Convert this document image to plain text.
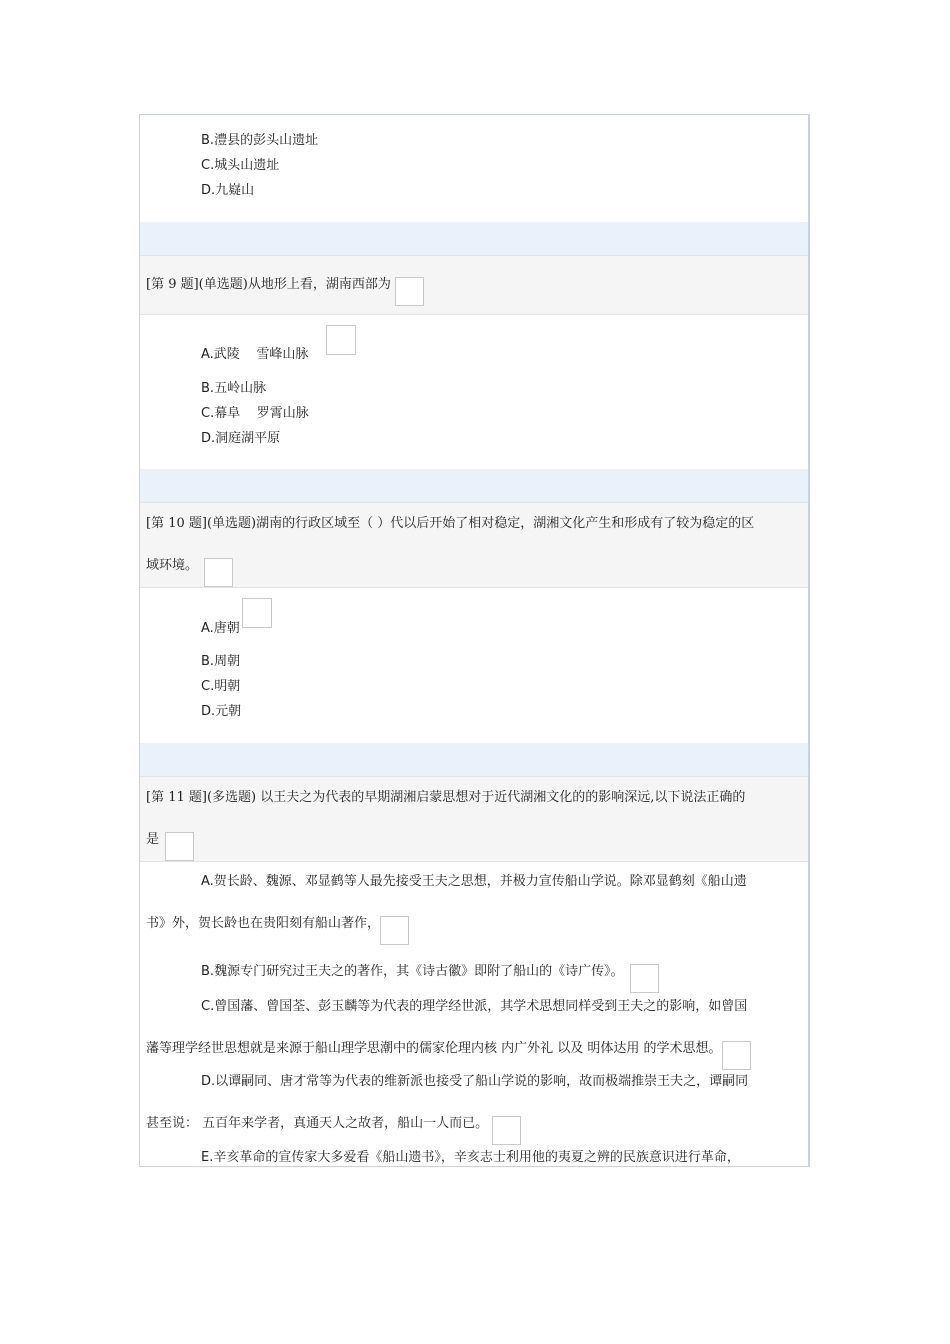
B.澧县的彭头山遗址
C.城头山遗址
D.九嶷山
[第 9 题](单选题)从地形上看，湖南西部为
A.武陵    雪峰山脉
B.五岭山脉
C.幕阜    罗霄山脉
D.洞庭湖平原
[第 10 题](单选题)湖南的行政区域至（ ）代以后开始了相对稳定，湖湘文化产生和形成有了较为稳定的区
域环境。
A.唐朝
B.周朝
C.明朝
D.元朝
[第 11 题](多选题) 以王夫之为代表的早期湖湘启蒙思想对于近代湖湘文化的的影响深远,以下说法正确的
是
A.贺长龄、魏源、邓显鹤等人最先接受王夫之思想，并极力宣传船山学说。除邓显鹤刻《船山遗
书》外，贺长龄也在贵阳刻有船山著作，
B.魏源专门研究过王夫之的著作，其《诗古徽》即附了船山的《诗广传》。
C.曾国藩、曾国荃、彭玉麟等为代表的理学经世派，其学术思想同样受到王夫之的影响，如曾国
藩等理学经世思想就是来源于船山理学思潮中的儒家伦理内核 内广外礼 以及 明体达用 的学术思想。
D.以谭嗣同、唐才常等为代表的维新派也接受了船山学说的影响，故而极端推崇王夫之，谭嗣同
甚至说： 五百年来学者，真通天人之故者，船山一人而已。
E.辛亥革命的宣传家大多爱看《船山遗书》，辛亥志士利用他的夷夏之辨的民族意识进行革命，
